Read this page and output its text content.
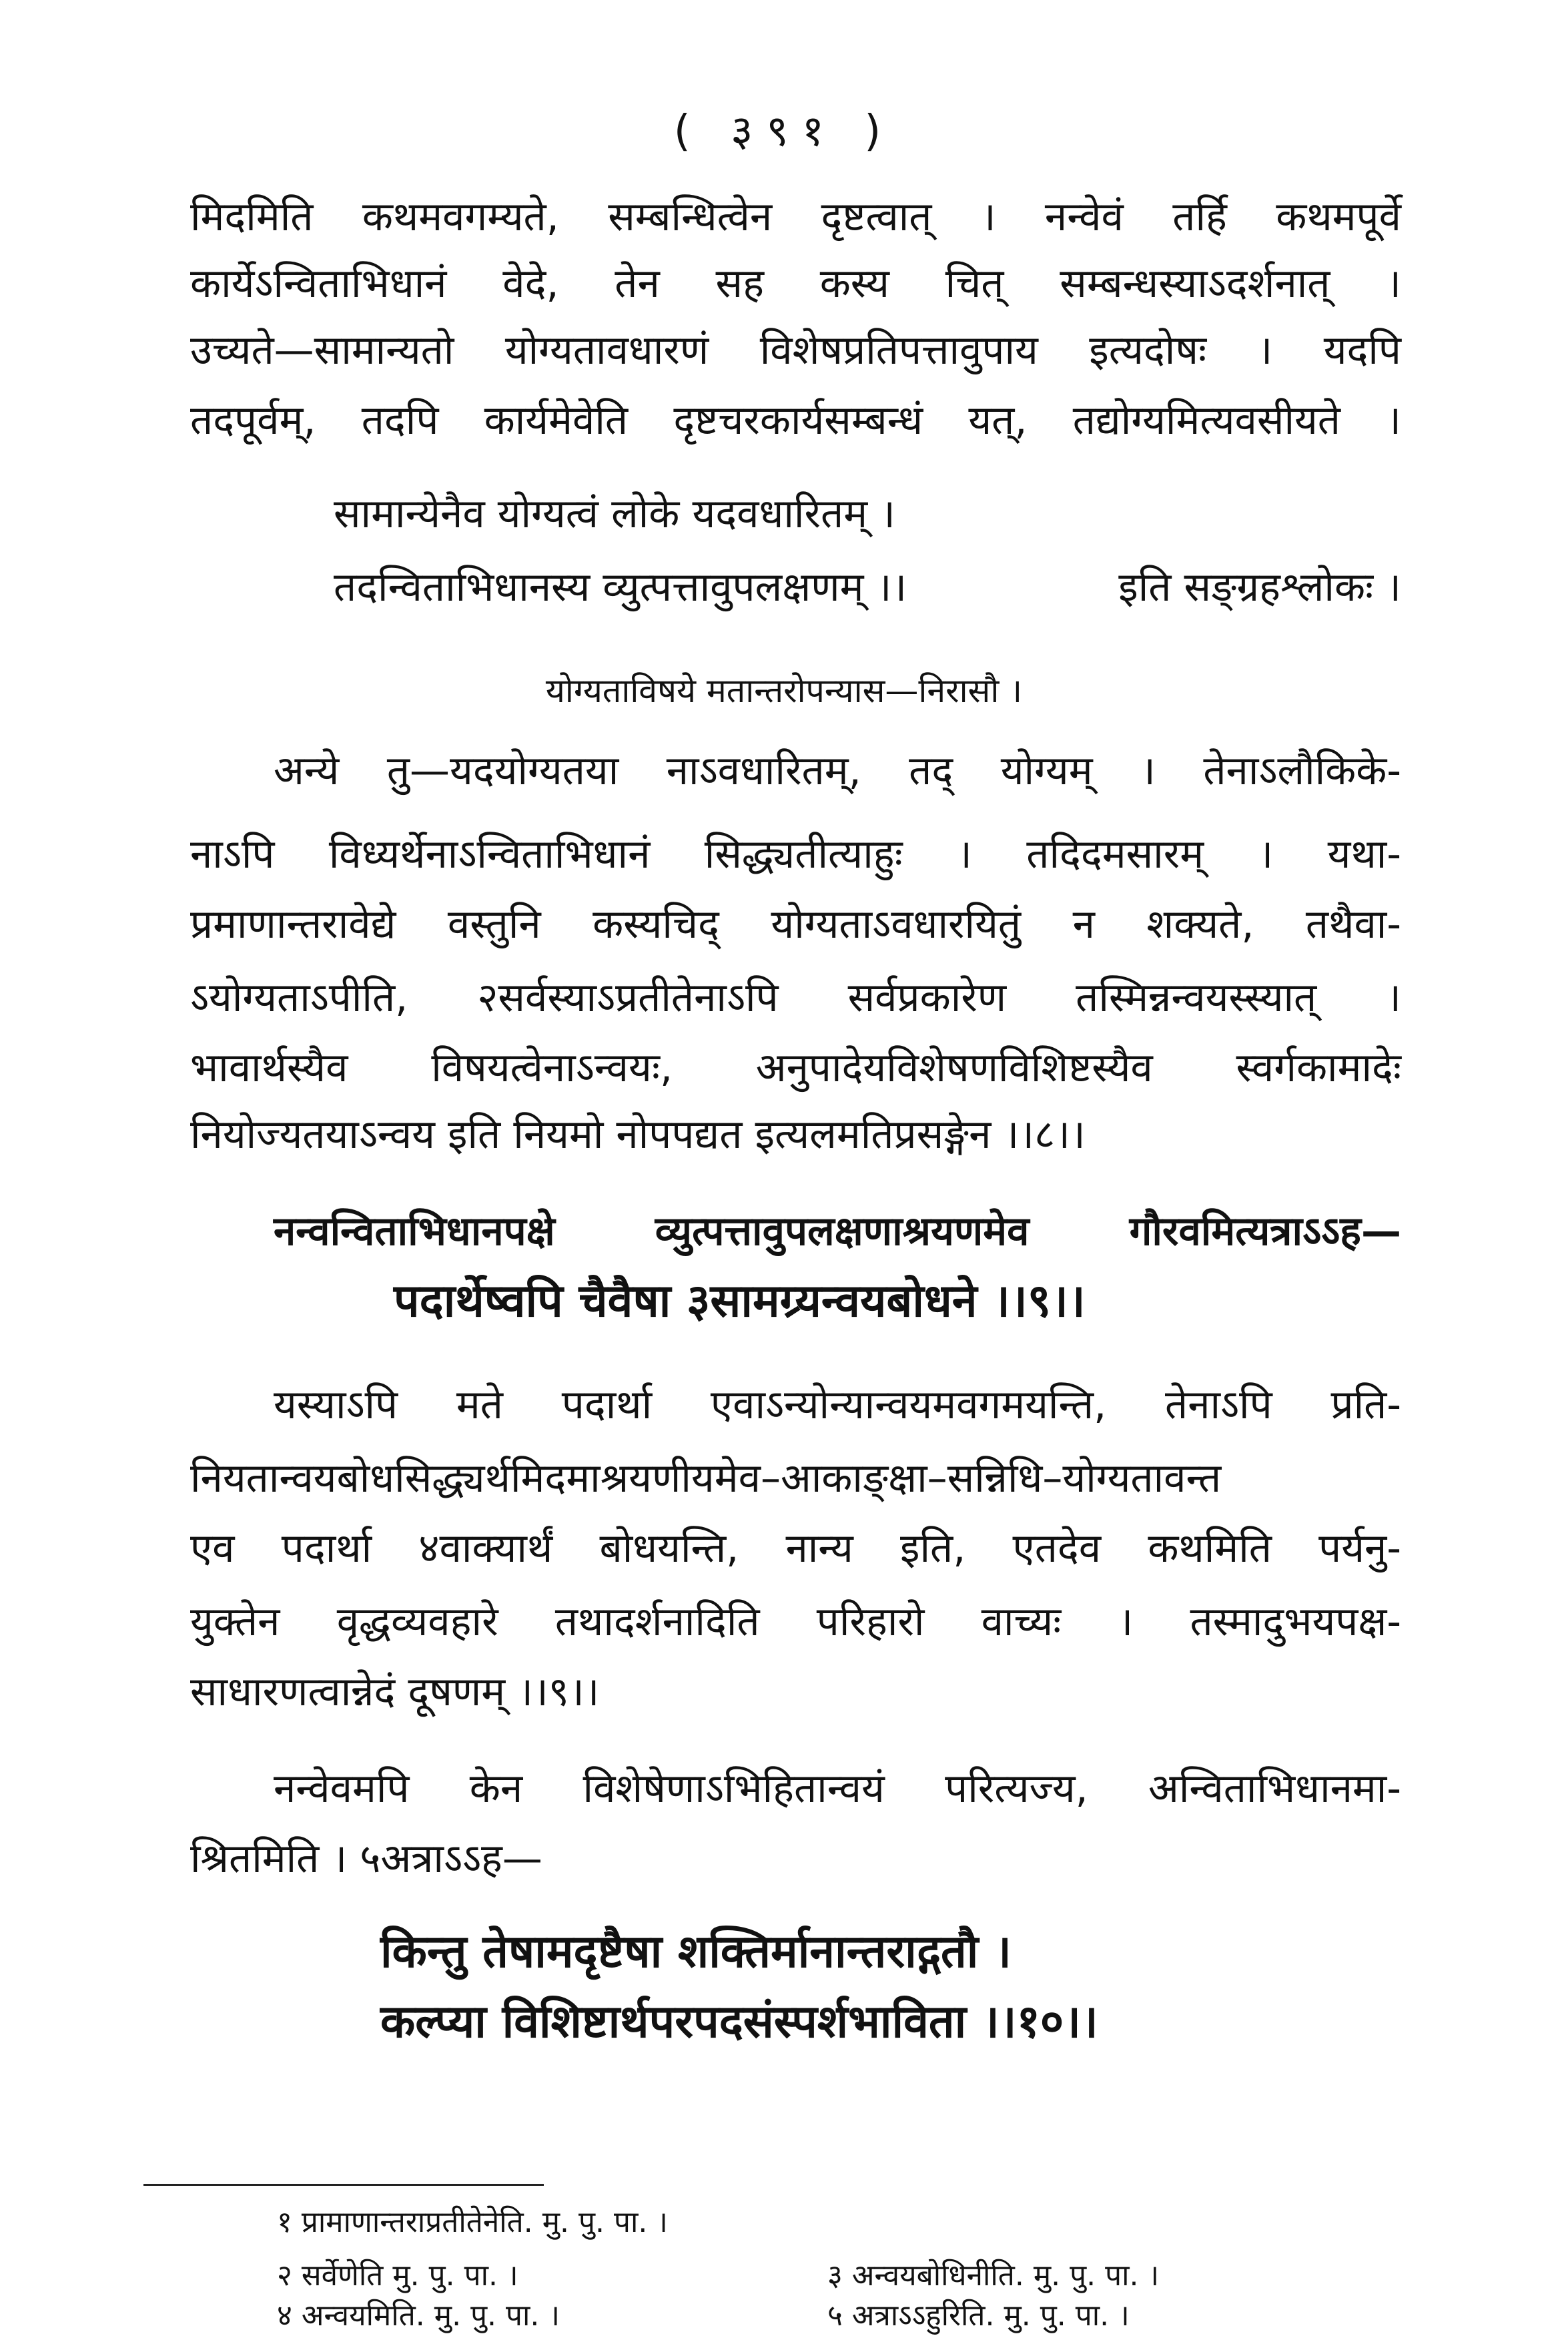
( ३९१ )
मिदमिति कथमवगम्यते, सम्बन्धित्वेन दृष्टत्वात् । नन्वेवं तर्हि कथमपूर्वे
कार्येऽन्विताभिधानं वेदे, तेन सह कस्य चित् सम्बन्धस्याऽदर्शनात् ।
उच्यते—सामान्यतो योग्यतावधारणं विशेषप्रतिपत्तावुपाय इत्यदोषः । यदपि
तदपूर्वम्, तदपि कार्यमेवेति दृष्टचरकार्यसम्बन्धं यत्, तद्योग्यमित्यवसीयते ।
सामान्येनैव योग्यत्वं लोके यदवधारितम् ।
तदन्विताभिधानस्य व्युत्पत्तावुपलक्षणम् ।।	इति सङ्ग्रहश्लोकः ।
योग्यताविषये मतान्तरोपन्यास—निरासौ ।
अन्ये तु—यदयोग्यतया नाऽवधारितम्, तद् योग्यम् । तेनाऽलौकिके-
नाऽपि विध्यर्थेनाऽन्विताभिधानं सिद्ध्यतीत्याहुः । तदिदमसारम् । यथा-
प्रमाणान्तरावेद्ये वस्तुनि कस्यचिद् योग्यताऽवधारयितुं न शक्यते, तथैवा-
ऽयोग्यताऽपीति, २सर्वस्याऽप्रतीतेनाऽपि सर्वप्रकारेण तस्मिन्नन्वयस्स्यात् ।
भावार्थस्यैव विषयत्वेनाऽन्वयः, अनुपादेयविशेषणविशिष्टस्यैव स्वर्गकामादेः
नियोज्यतयाऽन्वय इति नियमो नोपपद्यत इत्यलमतिप्रसङ्गेन ।।८।।
नन्वन्विताभिधानपक्षे व्युत्पत्तावुपलक्षणाश्रयणमेव गौरवमित्यत्राऽऽह—
पदार्थेष्वपि चैवैषा ३सामग्र्यन्वयबोधने ।।९।।
यस्याऽपि मते पदार्था एवाऽन्योन्यान्वयमवगमयन्ति, तेनाऽपि प्रति-
नियतान्वयबोधसिद्ध्यर्थमिदमाश्रयणीयमेव–आकाङ्क्षा–सन्निधि–योग्यतावन्त
एव पदार्था ४वाक्यार्थं बोधयन्ति, नान्य इति, एतदेव कथमिति पर्यनु-
युक्तेन वृद्धव्यवहारे तथादर्शनादिति परिहारो वाच्यः । तस्मादुभयपक्ष-
साधारणत्वान्नेदं दूषणम् ।।९।।
नन्वेवमपि केन विशेषेणाऽभिहितान्वयं परित्यज्य, अन्विताभिधानमा-
श्रितमिति । ५अत्राऽऽह—
किन्तु तेषामदृष्टैषा शक्तिर्मानान्तराद्गतौ ।
कल्प्या विशिष्टार्थपरपदसंस्पर्शभाविता ।।१०।।
१ प्रामाणान्तराप्रतीतेनेति. मु. पु. पा. ।
२ सर्वेणेति मु. पु. पा. ।	३ अन्वयबोधिनीति. मु. पु. पा. ।
४ अन्वयमिति. मु. पु. पा. ।	५ अत्राऽऽहुरिति. मु. पु. पा. ।
